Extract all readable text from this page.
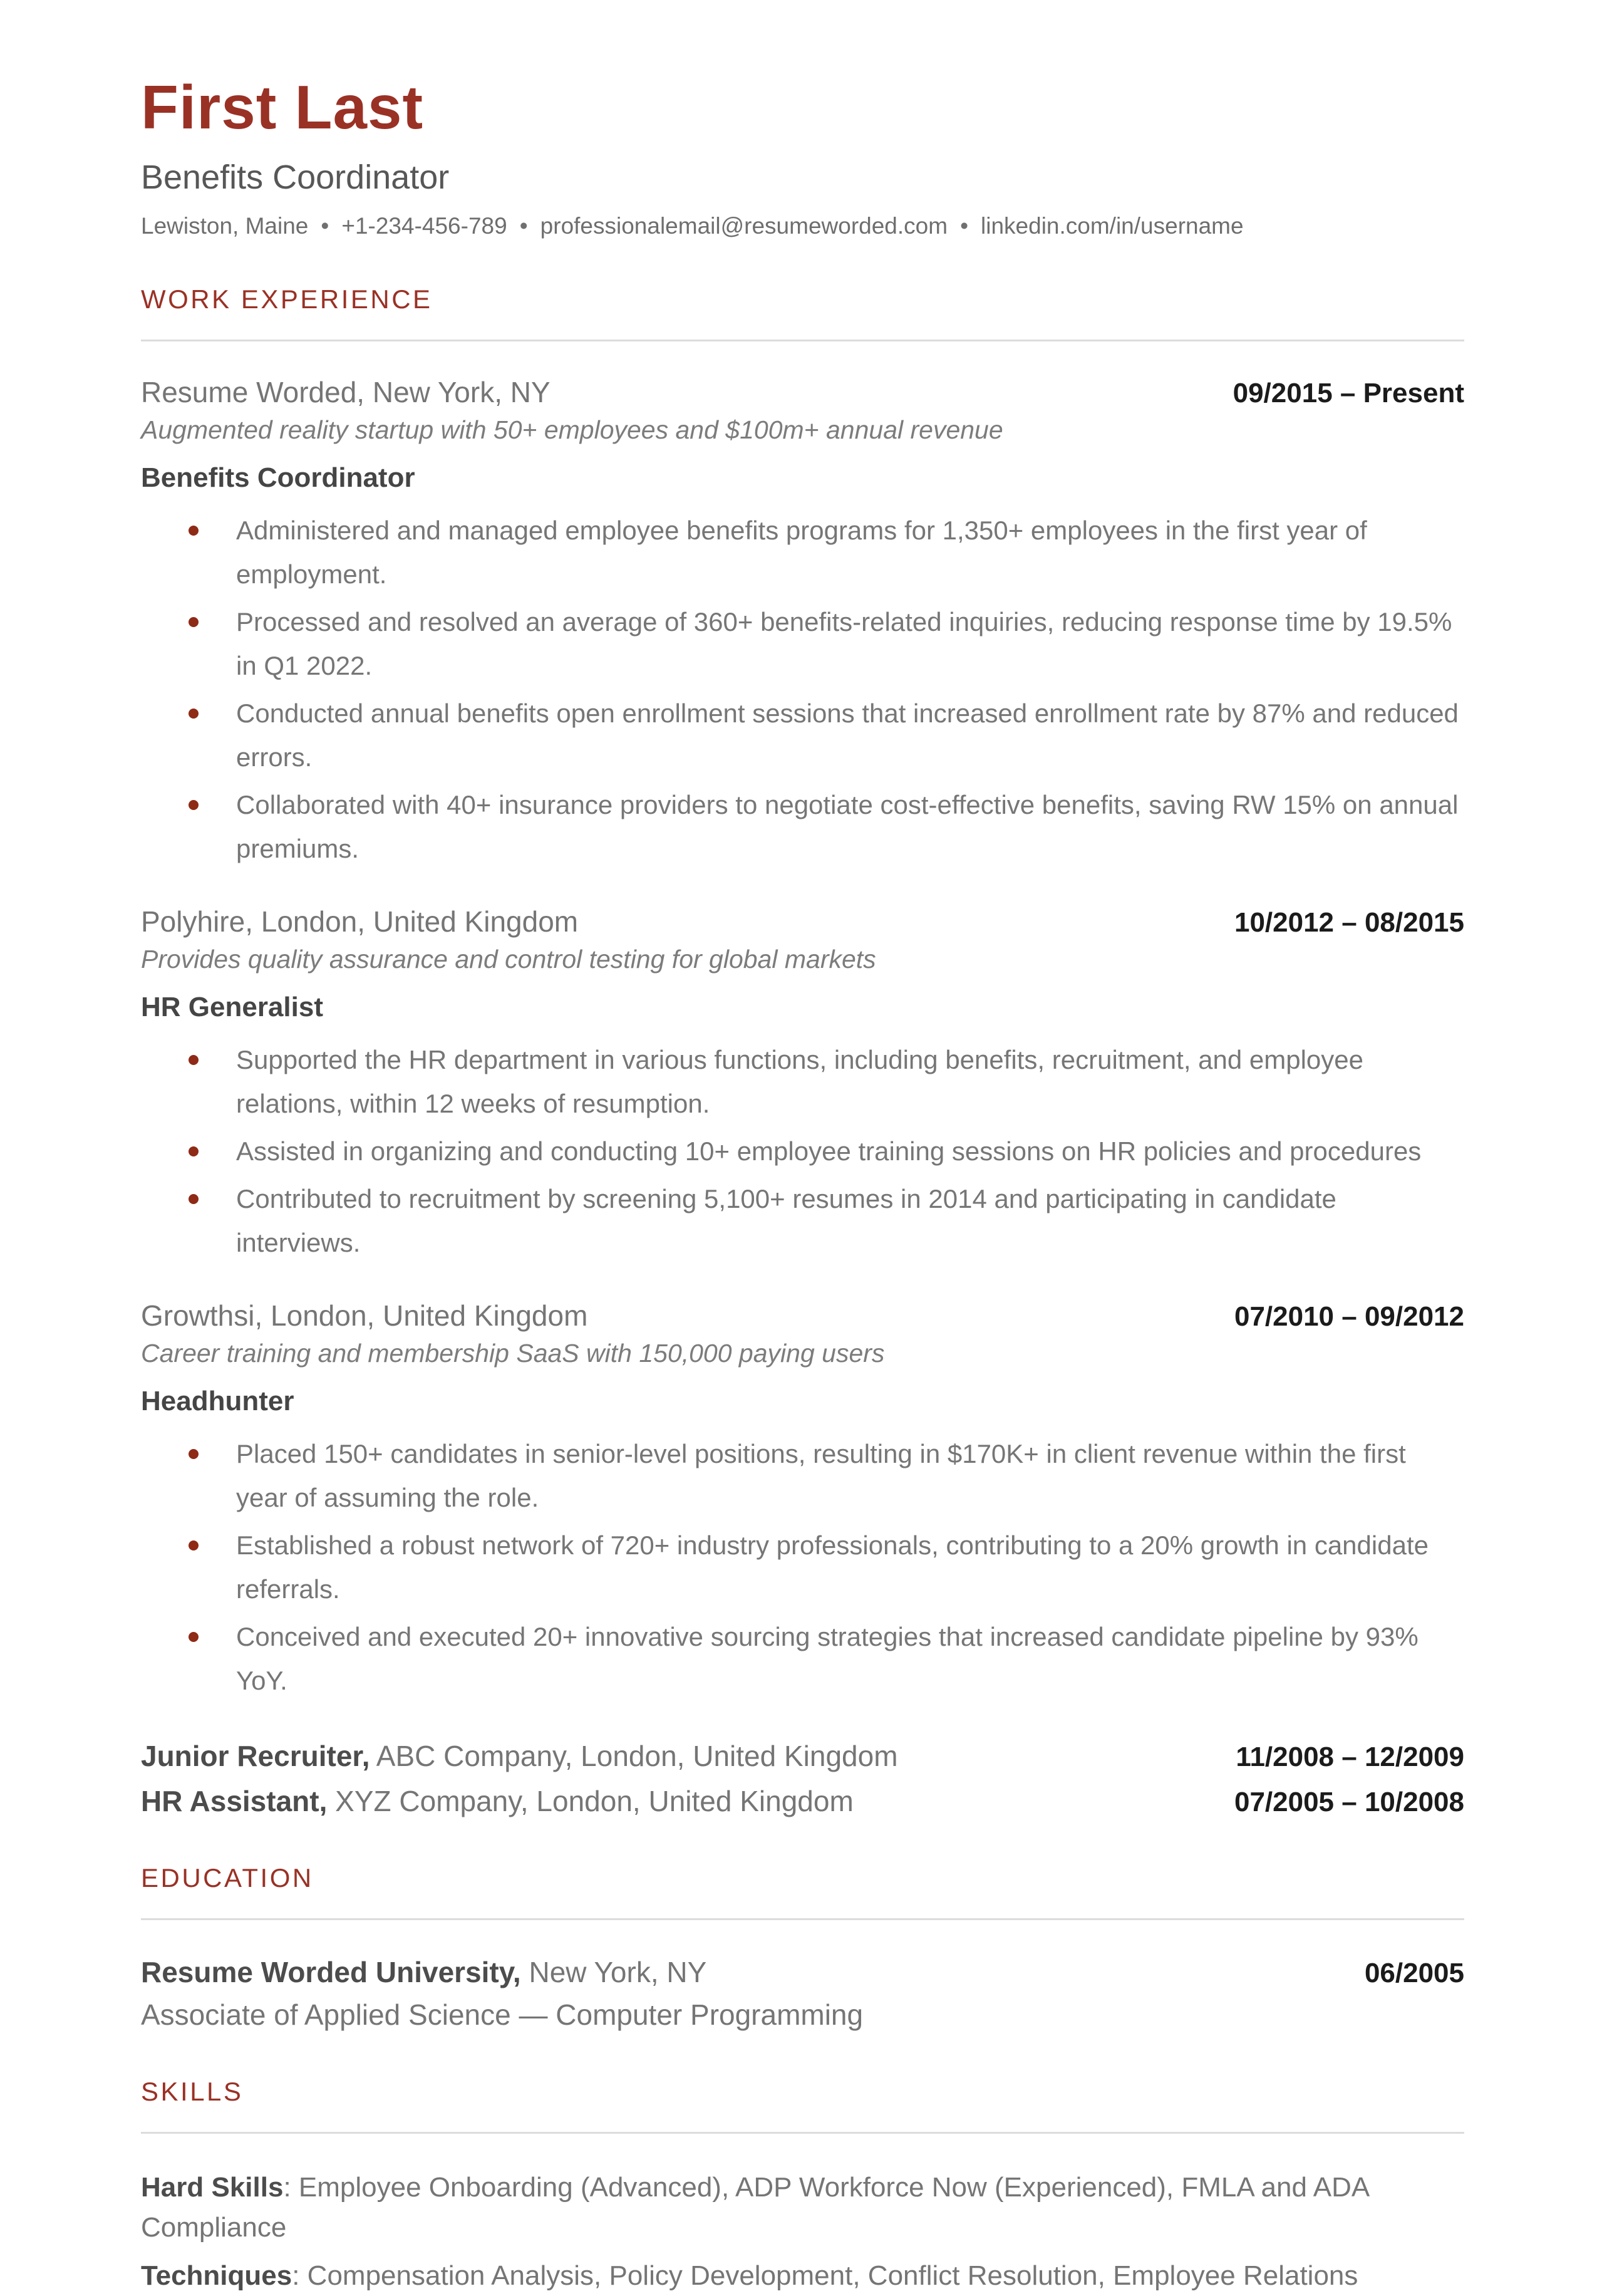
First Last
Benefits Coordinator
Lewiston, Maine • +1-234-456-789 • professionalemail@resumeworded.com • linkedin.com/in/username
WORK EXPERIENCE
Resume Worded, New York, NY	09/2015 – Present
Augmented reality startup with 50+ employees and $100m+ annual revenue
Benefits Coordinator
Administered and managed employee benefits programs for 1,350+ employees in the first year of employment.
Processed and resolved an average of 360+ benefits-related inquiries, reducing response time by 19.5% in Q1 2022.
Conducted annual benefits open enrollment sessions that increased enrollment rate by 87% and reduced errors.
Collaborated with 40+ insurance providers to negotiate cost-effective benefits, saving RW 15% on annual premiums.
Polyhire, London, United Kingdom	10/2012 – 08/2015
Provides quality assurance and control testing for global markets
HR Generalist
Supported the HR department in various functions, including benefits, recruitment, and employee relations, within 12 weeks of resumption.
Assisted in organizing and conducting 10+ employee training sessions on HR policies and procedures
Contributed to recruitment by screening 5,100+ resumes in 2014 and participating in candidate interviews.
Growthsi, London, United Kingdom	07/2010 – 09/2012
Career training and membership SaaS with 150,000 paying users
Headhunter
Placed 150+ candidates in senior-level positions, resulting in $170K+ in client revenue within the first year of assuming the role.
Established a robust network of 720+ industry professionals, contributing to a 20% growth in candidate referrals.
Conceived and executed 20+ innovative sourcing strategies that increased candidate pipeline by 93% YoY.
Junior Recruiter, ABC Company, London, United Kingdom	11/2008 – 12/2009
HR Assistant, XYZ Company, London, United Kingdom	07/2005 – 10/2008
EDUCATION
Resume Worded University, New York, NY	06/2005
Associate of Applied Science — Computer Programming
SKILLS
Hard Skills: Employee Onboarding (Advanced), ADP Workforce Now (Experienced), FMLA and ADA Compliance
Techniques: Compensation Analysis, Policy Development, Conflict Resolution, Employee Relations
